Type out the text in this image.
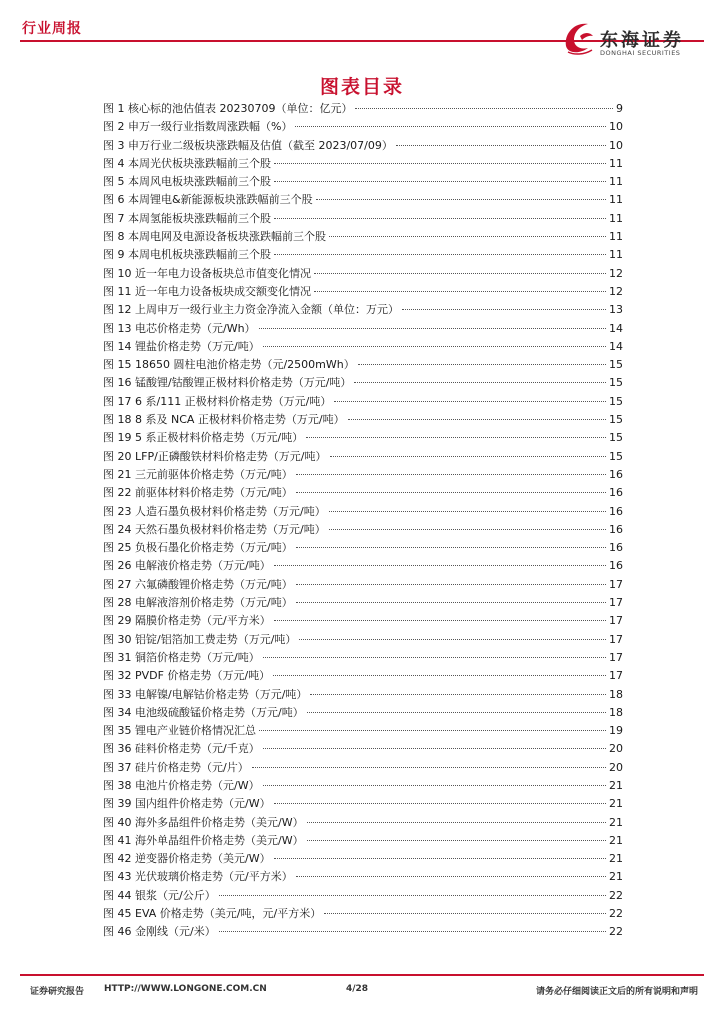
行业周报
东海证券
DONGHAI SECURITIES
图表目录
图 1 核心标的池估值表 20230709（单位：亿元）	9
图 2 申万一级行业指数周涨跌幅（%）	10
图 3 申万行业二级板块涨跌幅及估值（截至 2023/07/09）	10
图 4 本周光伏板块涨跌幅前三个股	11
图 5 本周风电板块涨跌幅前三个股	11
图 6 本周锂电&新能源板块涨跌幅前三个股	11
图 7 本周氢能板块涨跌幅前三个股	11
图 8 本周电网及电源设备板块涨跌幅前三个股	11
图 9 本周电机板块涨跌幅前三个股	11
图 10 近一年电力设备板块总市值变化情况	12
图 11 近一年电力设备板块成交额变化情况	12
图 12 上周申万一级行业主力资金净流入金额（单位：万元）	13
图 13 电芯价格走势（元/Wh）	14
图 14 锂盐价格走势（万元/吨）	14
图 15 18650 圆柱电池价格走势（元/2500mWh）	15
图 16 锰酸锂/钴酸锂正极材料价格走势（万元/吨）	15
图 17 6 系/111 正极材料价格走势（万元/吨）	15
图 18 8 系及 NCA 正极材料价格走势（万元/吨）	15
图 19 5 系正极材料价格走势（万元/吨）	15
图 20 LFP/正磷酸铁材料价格走势（万元/吨）	15
图 21 三元前驱体价格走势（万元/吨）	16
图 22 前驱体材料价格走势（万元/吨）	16
图 23 人造石墨负极材料价格走势（万元/吨）	16
图 24 天然石墨负极材料价格走势（万元/吨）	16
图 25 负极石墨化价格走势（万元/吨）	16
图 26 电解液价格走势（万元/吨）	16
图 27 六氟磷酸锂价格走势（万元/吨）	17
图 28 电解液溶剂价格走势（万元/吨）	17
图 29 隔膜价格走势（元/平方米）	17
图 30 铝锭/铝箔加工费走势（万元/吨）	17
图 31 铜箔价格走势（万元/吨）	17
图 32 PVDF 价格走势（万元/吨）	17
图 33 电解镍/电解钴价格走势（万元/吨）	18
图 34 电池级硫酸锰价格走势（万元/吨）	18
图 35 锂电产业链价格情况汇总	19
图 36 硅料价格走势（元/千克）	20
图 37 硅片价格走势（元/片）	20
图 38 电池片价格走势（元/W）	21
图 39 国内组件价格走势（元/W）	21
图 40 海外多晶组件价格走势（美元/W）	21
图 41 海外单晶组件价格走势（美元/W）	21
图 42 逆变器价格走势（美元/W）	21
图 43 光伏玻璃价格走势（元/平方米）	21
图 44 银浆（元/公斤）	22
图 45 EVA 价格走势（美元/吨，元/平方米）	22
图 46 金刚线（元/米）	22
证券研究报告 HTTP://WWW.LONGONE.COM.CN	4/28	请务必仔细阅读正文后的所有说明和声明
